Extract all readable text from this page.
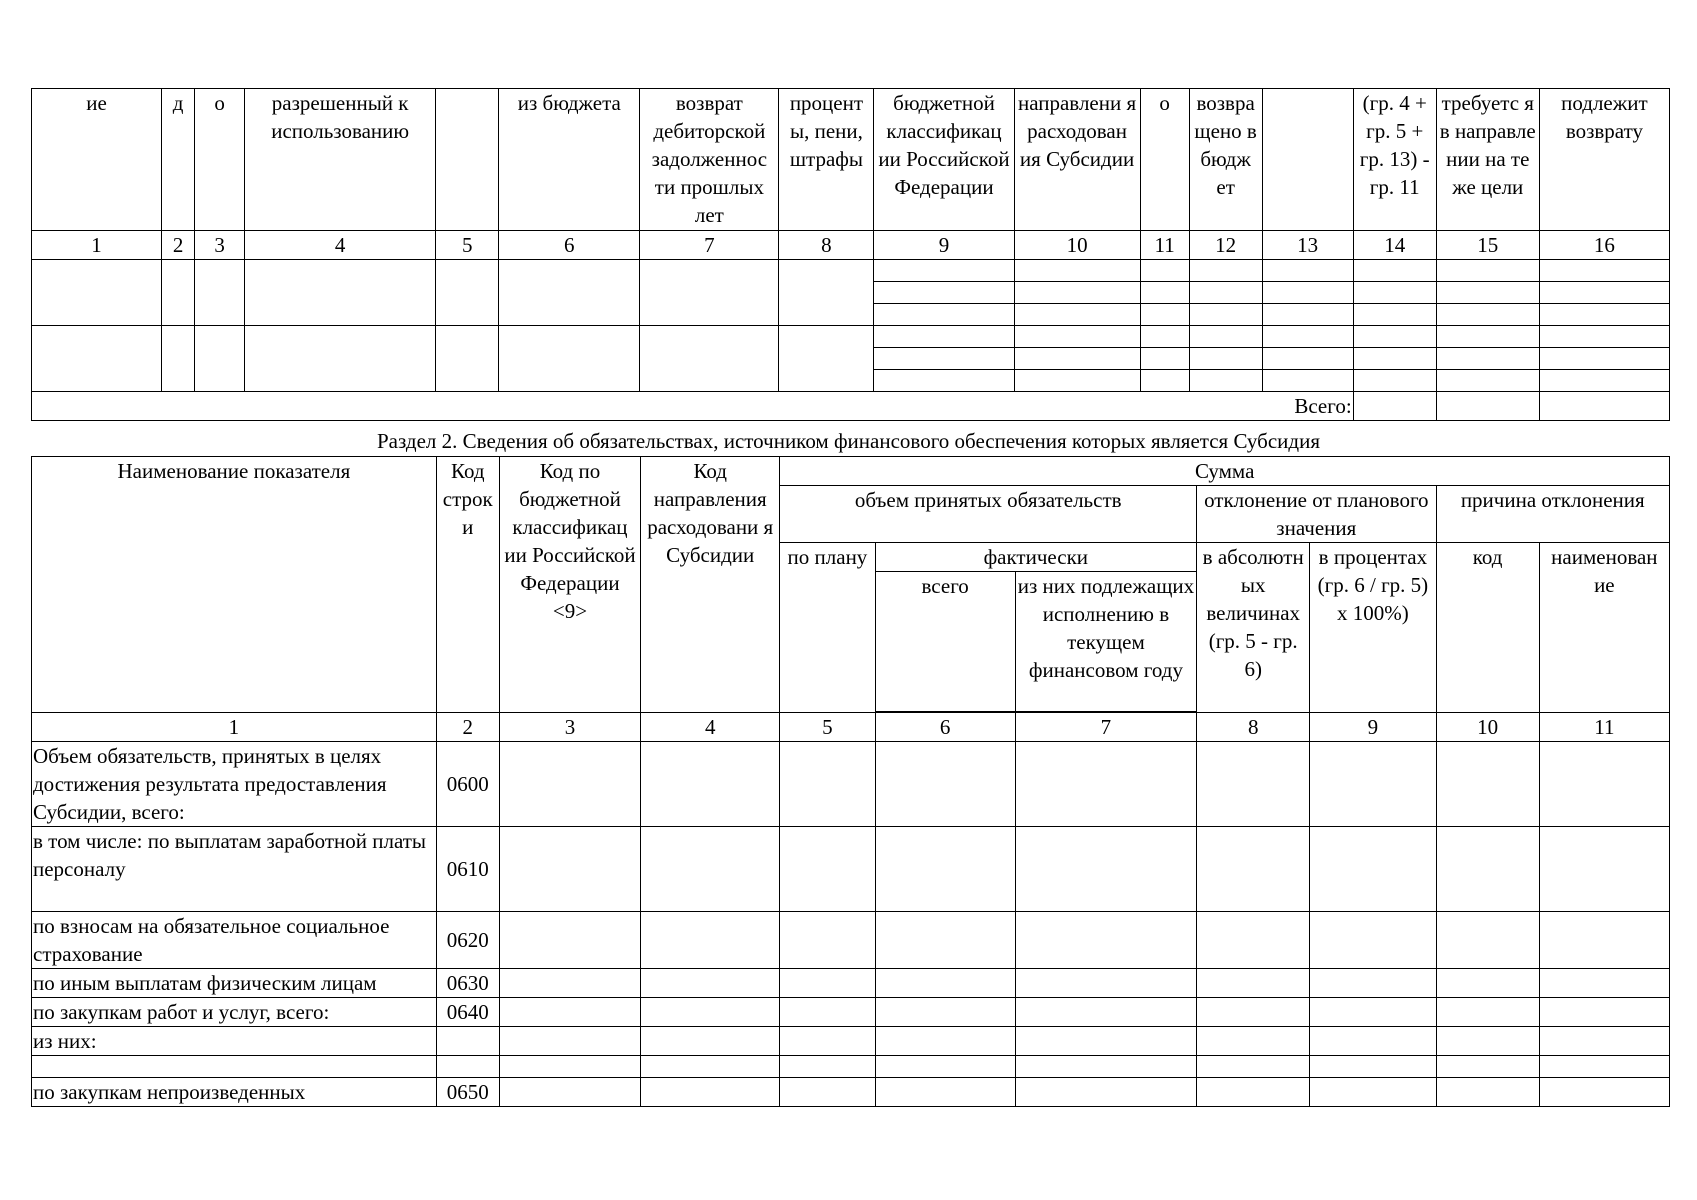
ие	д	о	разрешенный к использованию		из бюджета	возврат дебиторской задолженнос ти прошлых лет	процент ы, пени, штрафы	бюджетной классификац ии Российской Федерации	направлени я расходован ия Субсидии	о	возвра щено в бюдж ет		(гр. 4 + гр. 5 + гр. 13) - гр. 11	требуетс я в направле нии на те же цели	подлежит возврату
1	2	3	4	5	6	7	8	9	10	11	12	13	14	15	16

Всего:															
Раздел 2. Сведения об обязательствах, источником финансового обеспечения которых является Субсидия
Наименование показателя	Код строк и	Код по бюджетной классификац ии Российской Федерации <9>	Код направления расходовани я Субсидии	Сумма						
				объем принятых обязательств			отклонение от планового значения		причина отклонения	
				по плану	фактически		в абсолютн ых величинах (гр. 5 - гр. 6)	в процентах (гр. 6 / гр. 5) x 100%)	код	наименован ие
					всего	из них подлежащих исполнению в текущем финансовом году				

1	2	3	4	5	6	7	8	9	10	11
Объем обязательств, принятых в целях достижения результата предоставления Субсидии, всего:	0600									
в том числе: по выплатам заработной платы персоналу	0610									
по взносам на обязательное социальное страхование	0620									
по иным выплатам физическим лицам	0630									
по закупкам работ и услуг, всего:	0640									
из них:										

по закупкам непроизведенных	0650									
